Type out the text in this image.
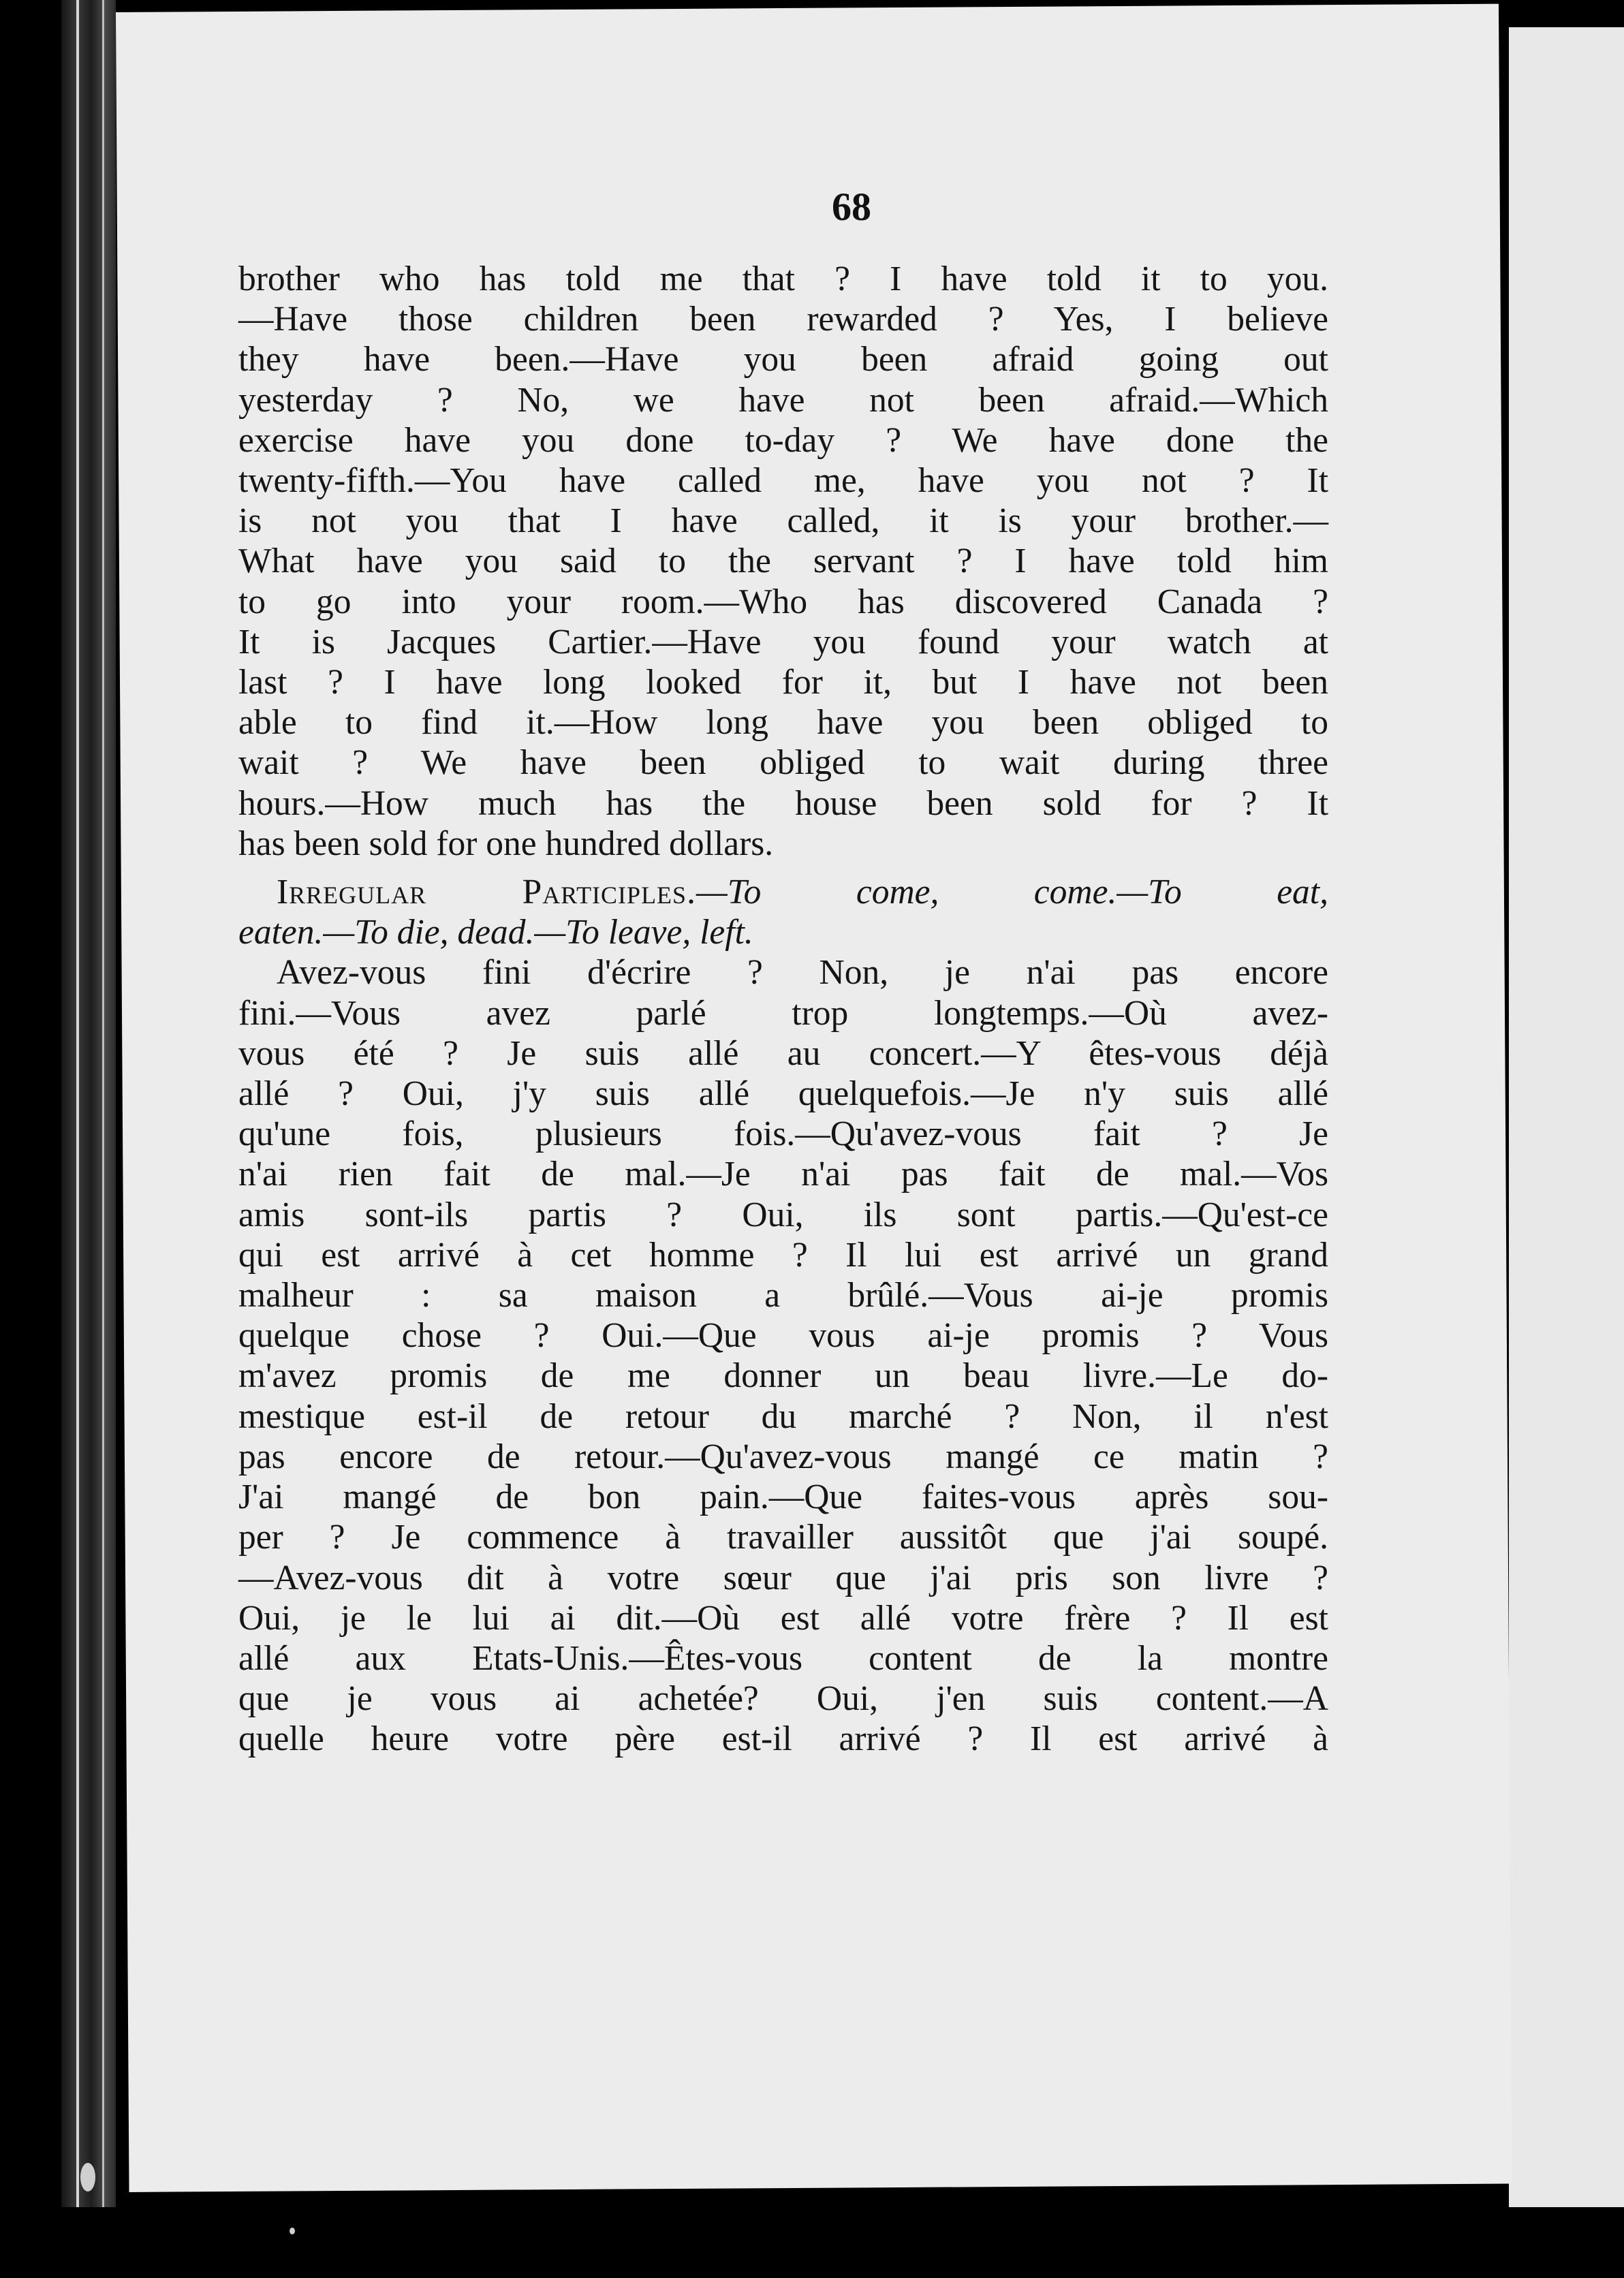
68
brother who has told me that ? I have told it to you.
—Have those children been rewarded ? Yes, I believe
they have been.—Have you been afraid going out
yesterday ? No, we have not been afraid.—Which
exercise have you done to-day ? We have done the
twenty-fifth.—You have called me, have you not ? It
is not you that I have called, it is your brother.—
What have you said to the servant ? I have told him
to go into your room.—Who has discovered Canada ?
It is Jacques Cartier.—Have you found your watch at
last ? I have long looked for it, but I have not been
able to find it.—How long have you been obliged to
wait ? We have been obliged to wait during three
hours.—How much has the house been sold for ? It
has been sold for one hundred dollars.
Irregular Participles.—To come, come.—To eat,
eaten.—To die, dead.—To leave, left.
Avez-vous fini d'écrire ? Non, je n'ai pas encore
fini.—Vous avez parlé trop longtemps.—Où avez-
vous été ? Je suis allé au concert.—Y êtes-vous déjà
allé ? Oui, j'y suis allé quelquefois.—Je n'y suis allé
qu'une fois, plusieurs fois.—Qu'avez-vous fait ? Je
n'ai rien fait de mal.—Je n'ai pas fait de mal.—Vos
amis sont-ils partis ? Oui, ils sont partis.—Qu'est-ce
qui est arrivé à cet homme ? Il lui est arrivé un grand
malheur : sa maison a brûlé.—Vous ai-je promis
quelque chose ? Oui.—Que vous ai-je promis ? Vous
m'avez promis de me donner un beau livre.—Le do-
mestique est-il de retour du marché ? Non, il n'est
pas encore de retour.—Qu'avez-vous mangé ce matin ?
J'ai mangé de bon pain.—Que faites-vous après sou-
per ? Je commence à travailler aussitôt que j'ai soupé.
—Avez-vous dit à votre sœur que j'ai pris son livre ?
Oui, je le lui ai dit.—Où est allé votre frère ? Il est
allé aux Etats-Unis.—Êtes-vous content de la montre
que je vous ai achetée? Oui, j'en suis content.—A
quelle heure votre père est-il arrivé ? Il est arrivé à
